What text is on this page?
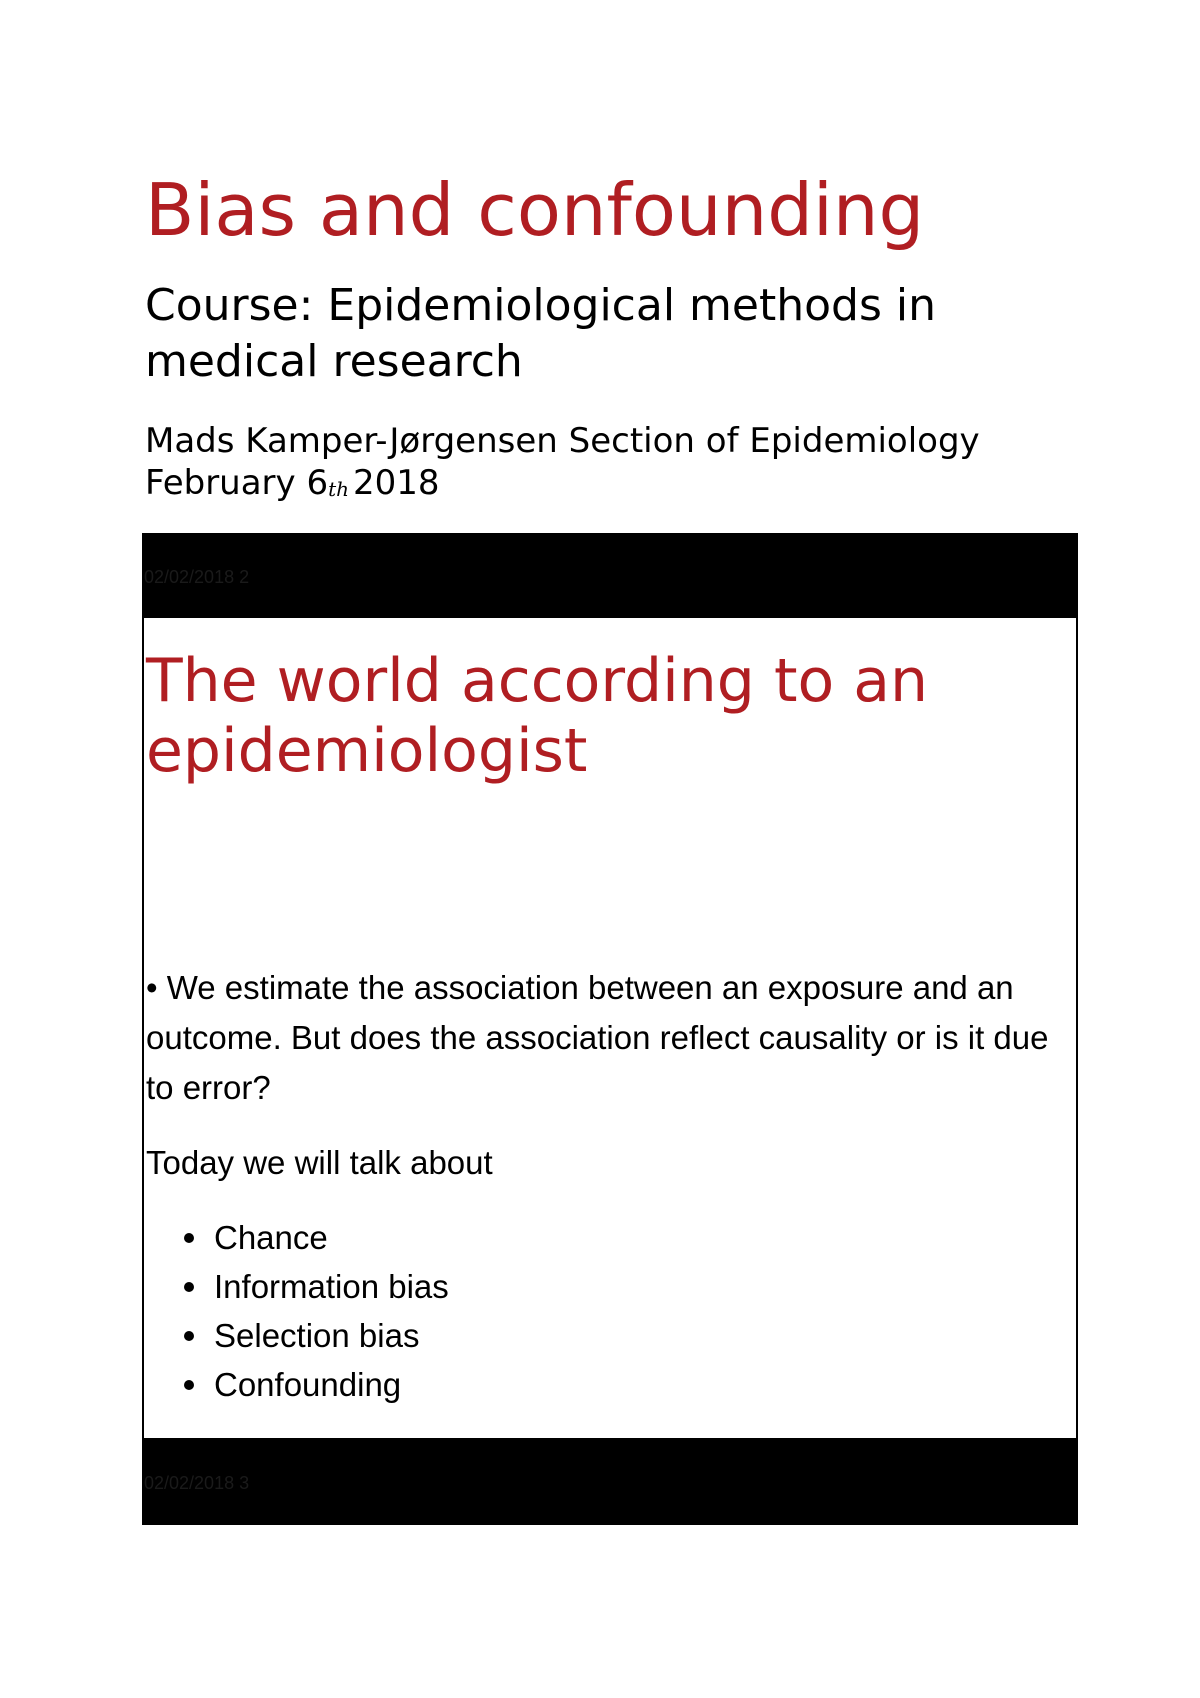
Bias and confounding
Course: Epidemiological methods in medical research
Mads Kamper-Jørgensen Section of Epidemiology
February 6th 2018
02/02/2018 2
The world according to an epidemiologist

• We estimate the association between an exposure and an outcome. But does the association reflect causality or is it due to error?

Today we will talk about

Chance
Information bias
Selection bias
Confounding
02/02/2018 3
